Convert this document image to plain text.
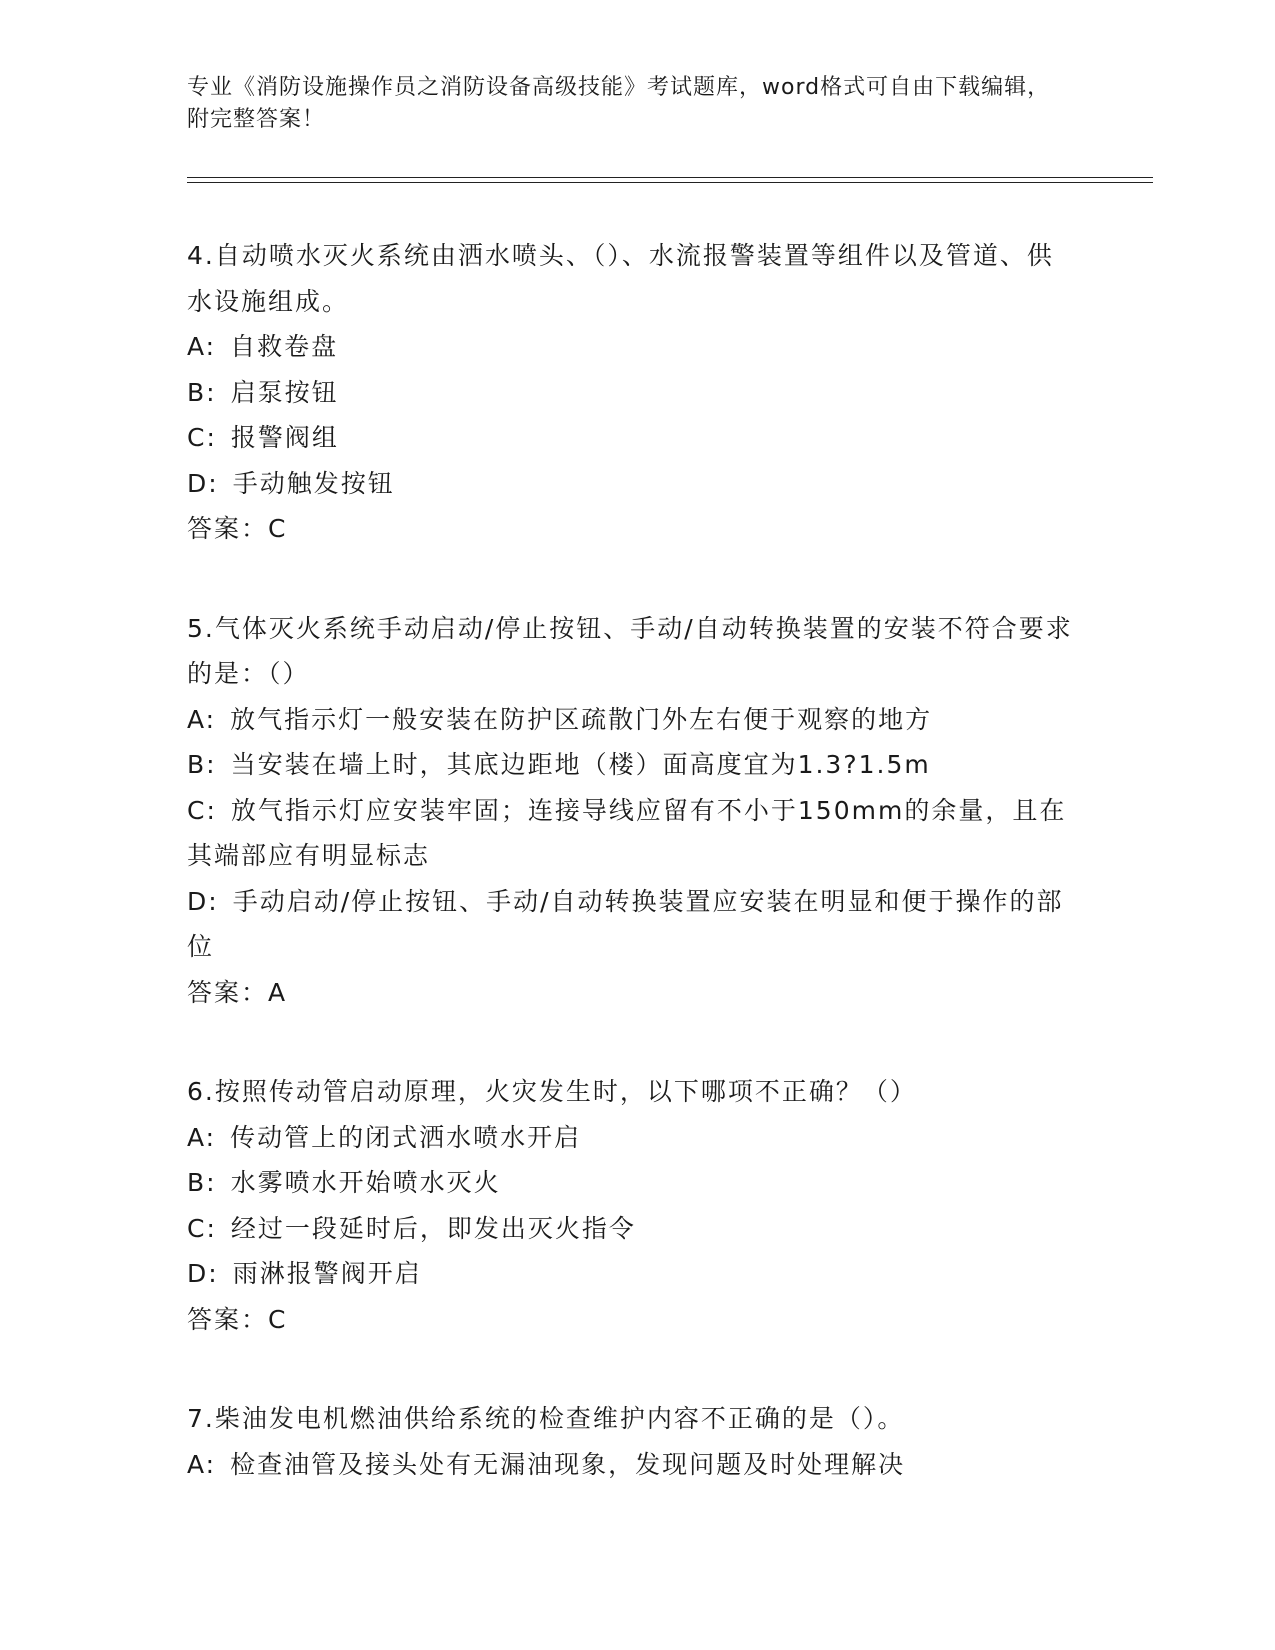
专业《消防设施操作员之消防设备高级技能》考试题库，word格式可自由下载编辑，附完整答案！

4.自动喷水灭火系统由洒水喷头、（）、水流报警装置等组件以及管道、供水设施组成。

A: 自救卷盘

B: 启泵按钮

C: 报警阀组

D: 手动触发按钮

答案：C

5.气体灭火系统手动启动/停止按钮、手动/自动转换装置的安装不符合要求的是：（）

A: 放气指示灯一般安装在防护区疏散门外左右便于观察的地方

B: 当安装在墙上时，其底边距地（楼）面高度宜为1.3?1.5m

C: 放气指示灯应安装牢固；连接导线应留有不小于150mm的余量，且在其端部应有明显标志

D: 手动启动/停止按钮、手动/自动转换装置应安装在明显和便于操作的部位

答案：A

6.按照传动管启动原理，火灾发生时，以下哪项不正确？（）

A: 传动管上的闭式洒水喷水开启

B: 水雾喷水开始喷水灭火

C: 经过一段延时后，即发出灭火指令

D: 雨淋报警阀开启

答案：C

7.柴油发电机燃油供给系统的检查维护内容不正确的是（）。

A: 检查油管及接头处有无漏油现象，发现问题及时处理解决
